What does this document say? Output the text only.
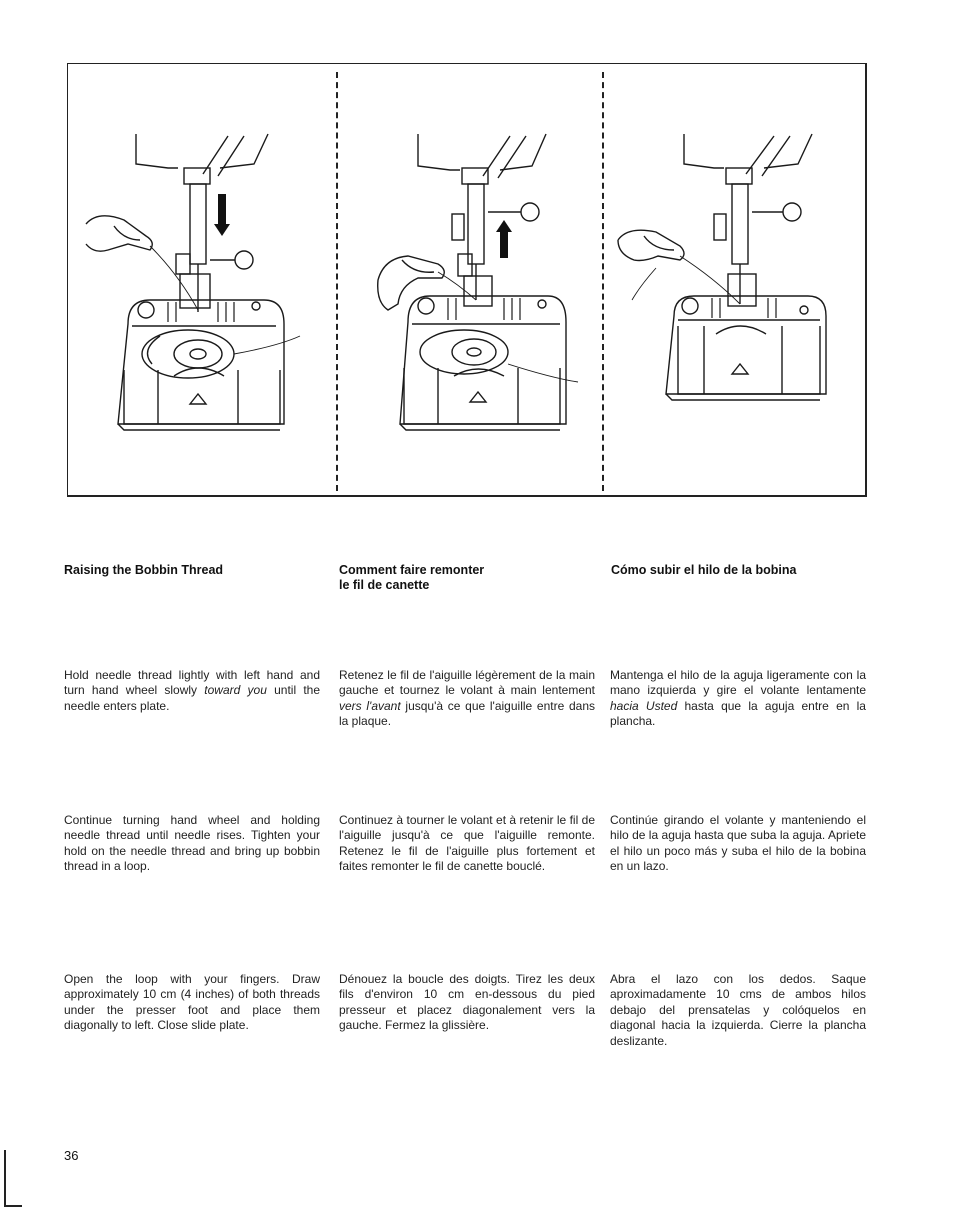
Raising the Bobbin Thread	Comment faire remonter
le fil de canette
Cómo subir el hilo de la bobina
Hold needle thread lightly with left hand and turn hand wheel slowly toward you until the needle enters plate.
Retenez le fil de l'aiguille légèrement de la main gauche et tournez le volant à main lentement vers l'avant jusqu'à ce que l'aiguille entre dans la plaque.
Mantenga el hilo de la aguja ligeramente con la mano izquierda y gire el volante lentamente hacia Usted hasta que la aguja entre en la plancha.
Continue turning hand wheel and holding needle thread until needle rises. Tighten your hold on the needle thread and bring up bobbin thread in a loop.
Continuez à tourner le volant et à retenir le fil de l'aiguille jusqu'à ce que l'aiguille remonte. Retenez le fil de l'aiguille plus fortement et faites remonter le fil de canette bouclé.
Continúe girando el volante y manteniendo el hilo de la aguja hasta que suba la aguja. Apriete el hilo un poco más y suba el hilo de la bobina en un lazo.
Open the loop with your fingers. Draw approximately 10 cm (4 inches) of both threads under the presser foot and place them diagonally to left. Close slide plate.
Dénouez la boucle des doigts. Tirez les deux fils d'environ 10 cm en-dessous du pied presseur et placez diagonalement vers la gauche. Fermez la glissière.
Abra el lazo con los dedos. Saque aproximadamente 10 cms de ambos hilos debajo del prensatelas y colóquelos en diagonal hacia la izquierda. Cierre la plancha deslizante.
36
